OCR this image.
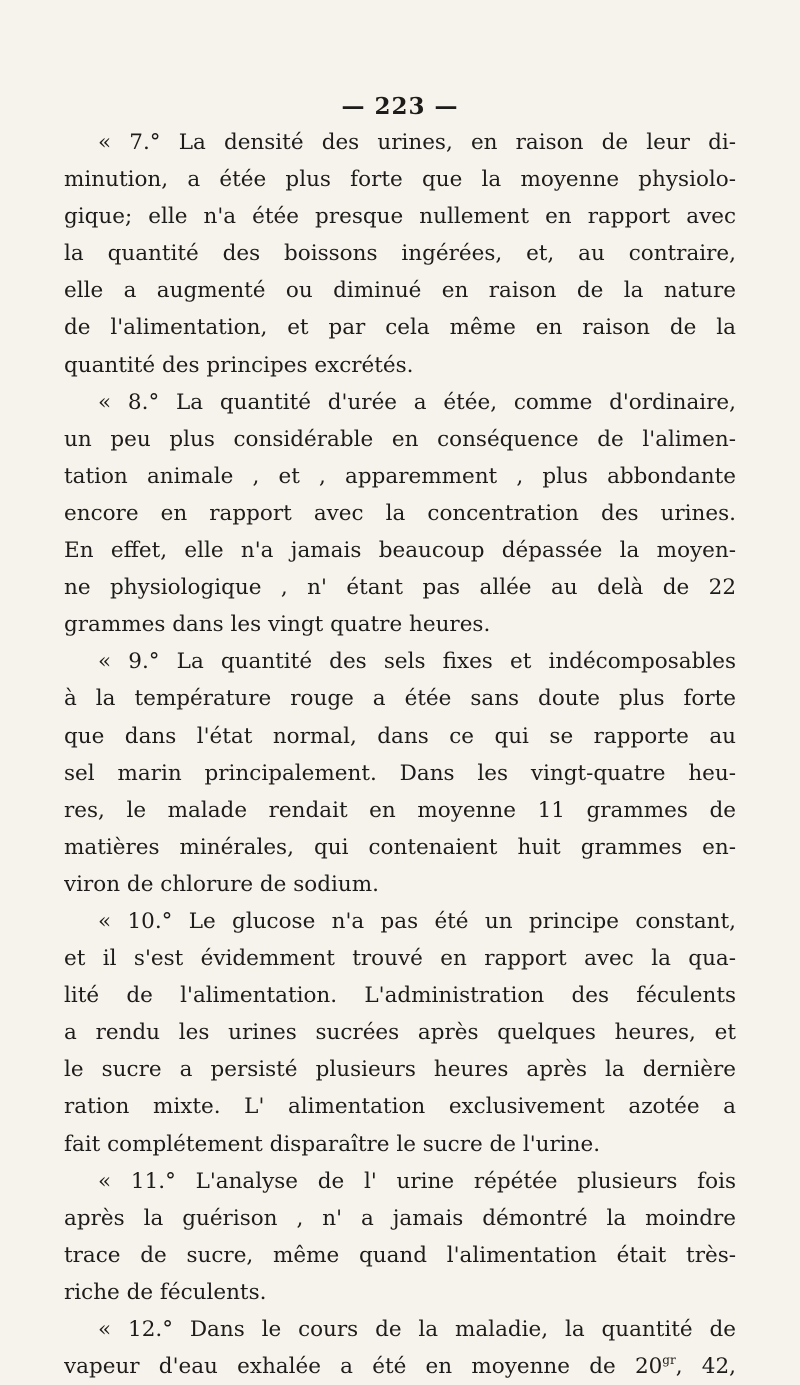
— 223 —
« 7.° La densité des urines, en raison de leur di-
minution, a étée plus forte que la moyenne physiolo-
gique; elle n'a étée presque nullement en rapport avec
la quantité des boissons ingérées, et, au contraire,
elle a augmenté ou diminué en raison de la nature
de l'alimentation, et par cela même en raison de la
quantité des principes excrétés.
« 8.° La quantité d'urée a étée, comme d'ordinaire,
un peu plus considérable en conséquence de l'alimen-
tation animale , et , apparemment , plus abbondante
encore en rapport avec la concentration des urines.
En effet, elle n'a jamais beaucoup dépassée la moyen-
ne physiologique , n' étant pas allée au delà de 22
grammes dans les vingt quatre heures.
« 9.° La quantité des sels fixes et indécomposables
à la température rouge a étée sans doute plus forte
que dans l'état normal, dans ce qui se rapporte au
sel marin principalement. Dans les vingt-quatre heu-
res, le malade rendait en moyenne 11 grammes de
matières minérales, qui contenaient huit grammes en-
viron de chlorure de sodium.
« 10.° Le glucose n'a pas été un principe constant,
et il s'est évidemment trouvé en rapport avec la qua-
lité de l'alimentation. L'administration des féculents
a rendu les urines sucrées après quelques heures, et
le sucre a persisté plusieurs heures après la dernière
ration mixte. L' alimentation exclusivement azotée a
fait complétement disparaître le sucre de l'urine.
« 11.° L'analyse de l' urine répétée plusieurs fois
après la guérison , n' a jamais démontré la moindre
trace de sucre, même quand l'alimentation était très-
riche de féculents.
« 12.° Dans le cours de la maladie, la quantité de
vapeur d'eau exhalée a été en moyenne de $20^{gr}$, 42,
